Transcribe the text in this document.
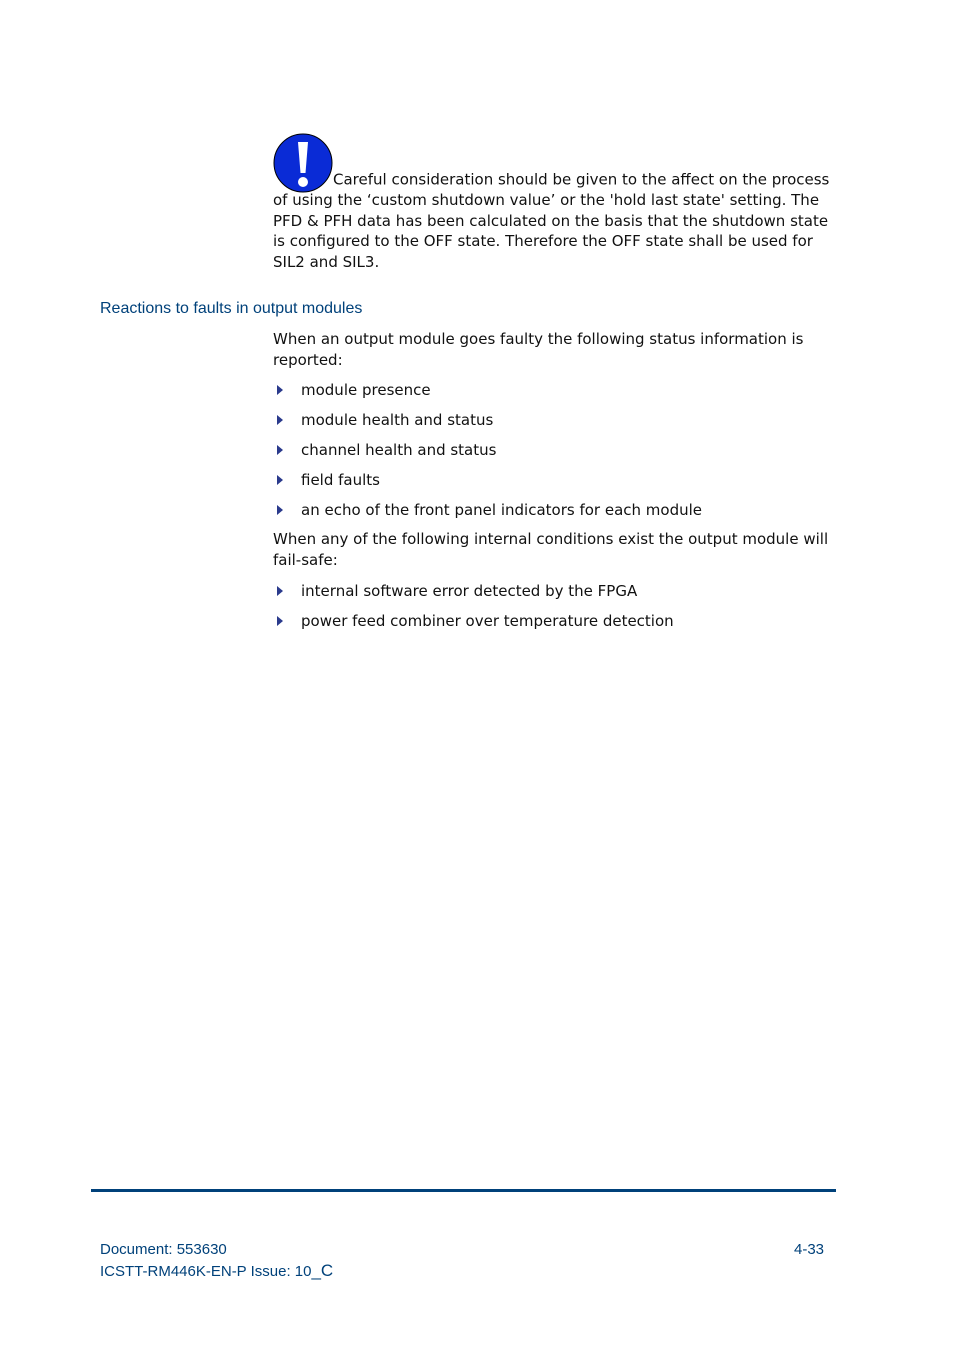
Careful consideration should be given to the affect on the process of using the ‘custom shutdown value’ or the 'hold last state' setting. The PFD & PFH data has been calculated on the basis that the shutdown state is configured to the OFF state. Therefore the OFF state shall be used for SIL2 and SIL3.
Reactions to faults in output modules

When an output module goes faulty the following status information is reported:

module presence
module health and status
channel health and status
field faults
an echo of the front panel indicators for each module

When any of the following internal conditions exist the output module will fail-safe:

internal software error detected by the FPGA
power feed combiner over temperature detection
Document: 553630
ICSTT-RM446K-EN-P Issue: 10_C
4-33
